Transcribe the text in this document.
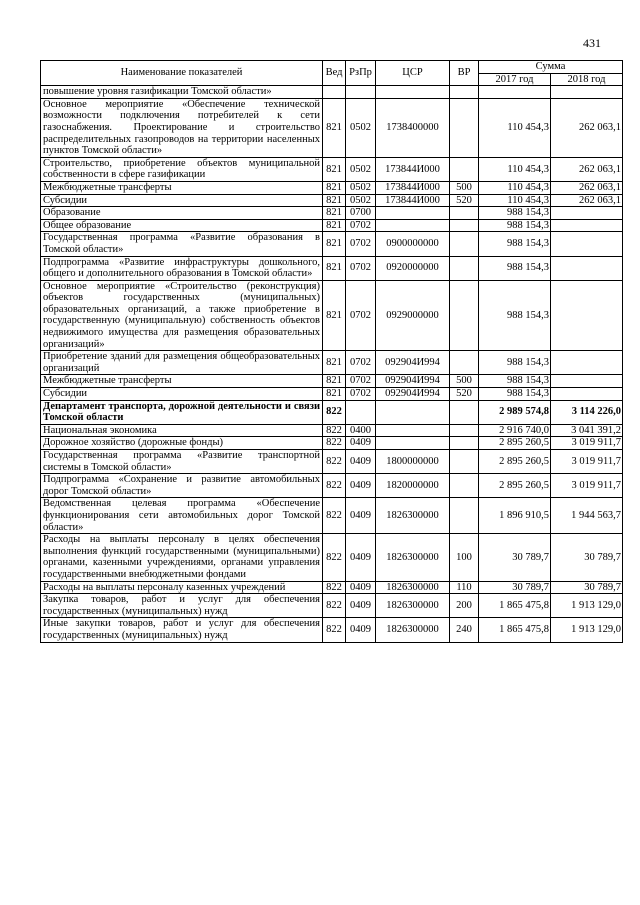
431
Наименование показателей	Вед	РзПр	ЦСР	ВР	Сумма	
					2017 год	2018 год
повышение уровня газификации Томской области»						
Основное мероприятие «Обеспечение технической возможности подключения потребителей к сети газоснабжения. Проектирование и строительство распределительных газопроводов на территории населенных пунктов Томской области»	821	0502	1738400000		110 454,3	262 063,1
Строительство, приобретение объектов муниципальной собственности в сфере газификации	821	0502	173844И000		110 454,3	262 063,1
Межбюджетные трансферты	821	0502	173844И000	500	110 454,3	262 063,1
Субсидии	821	0502	173844И000	520	110 454,3	262 063,1
Образование	821	0700			988 154,3	
Общее образование	821	0702			988 154,3	
Государственная программа «Развитие образования в Томской области»	821	0702	0900000000		988 154,3	
Подпрограмма «Развитие инфраструктуры дошкольного, общего и дополнительного образования в Томской области»	821	0702	0920000000		988 154,3	
Основное мероприятие «Строительство (реконструкция) объектов государственных (муниципальных) образовательных организаций, а также приобретение в государственную (муниципальную) собственность объектов недвижимого имущества для размещения образовательных организаций»	821	0702	0929000000		988 154,3	
Приобретение зданий для размещения общеобразовательных организаций	821	0702	092904И994		988 154,3	
Межбюджетные трансферты	821	0702	092904И994	500	988 154,3	
Субсидии	821	0702	092904И994	520	988 154,3	
Департамент транспорта, дорожной деятельности и связи Томской области	822				2 989 574,8	3 114 226,0
Национальная экономика	822	0400			2 916 740,0	3 041 391,2
Дорожное хозяйство (дорожные фонды)	822	0409			2 895 260,5	3 019 911,7
Государственная программа «Развитие транспортной системы в Томской области»	822	0409	1800000000		2 895 260,5	3 019 911,7
Подпрограмма «Сохранение и развитие автомобильных дорог Томской области»	822	0409	1820000000		2 895 260,5	3 019 911,7
Ведомственная целевая программа «Обеспечение функционирования сети автомобильных дорог Томской области»	822	0409	1826300000		1 896 910,5	1 944 563,7
Расходы на выплаты персоналу в целях обеспечения выполнения функций государственными (муниципальными) органами, казенными учреждениями, органами управления государственными внебюджетными фондами	822	0409	1826300000	100	30 789,7	30 789,7
Расходы на выплаты персоналу казенных учреждений	822	0409	1826300000	110	30 789,7	30 789,7
Закупка товаров, работ и услуг для обеспечения государственных (муниципальных) нужд	822	0409	1826300000	200	1 865 475,8	1 913 129,0
Иные закупки товаров, работ и услуг для обеспечения государственных (муниципальных) нужд	822	0409	1826300000	240	1 865 475,8	1 913 129,0
